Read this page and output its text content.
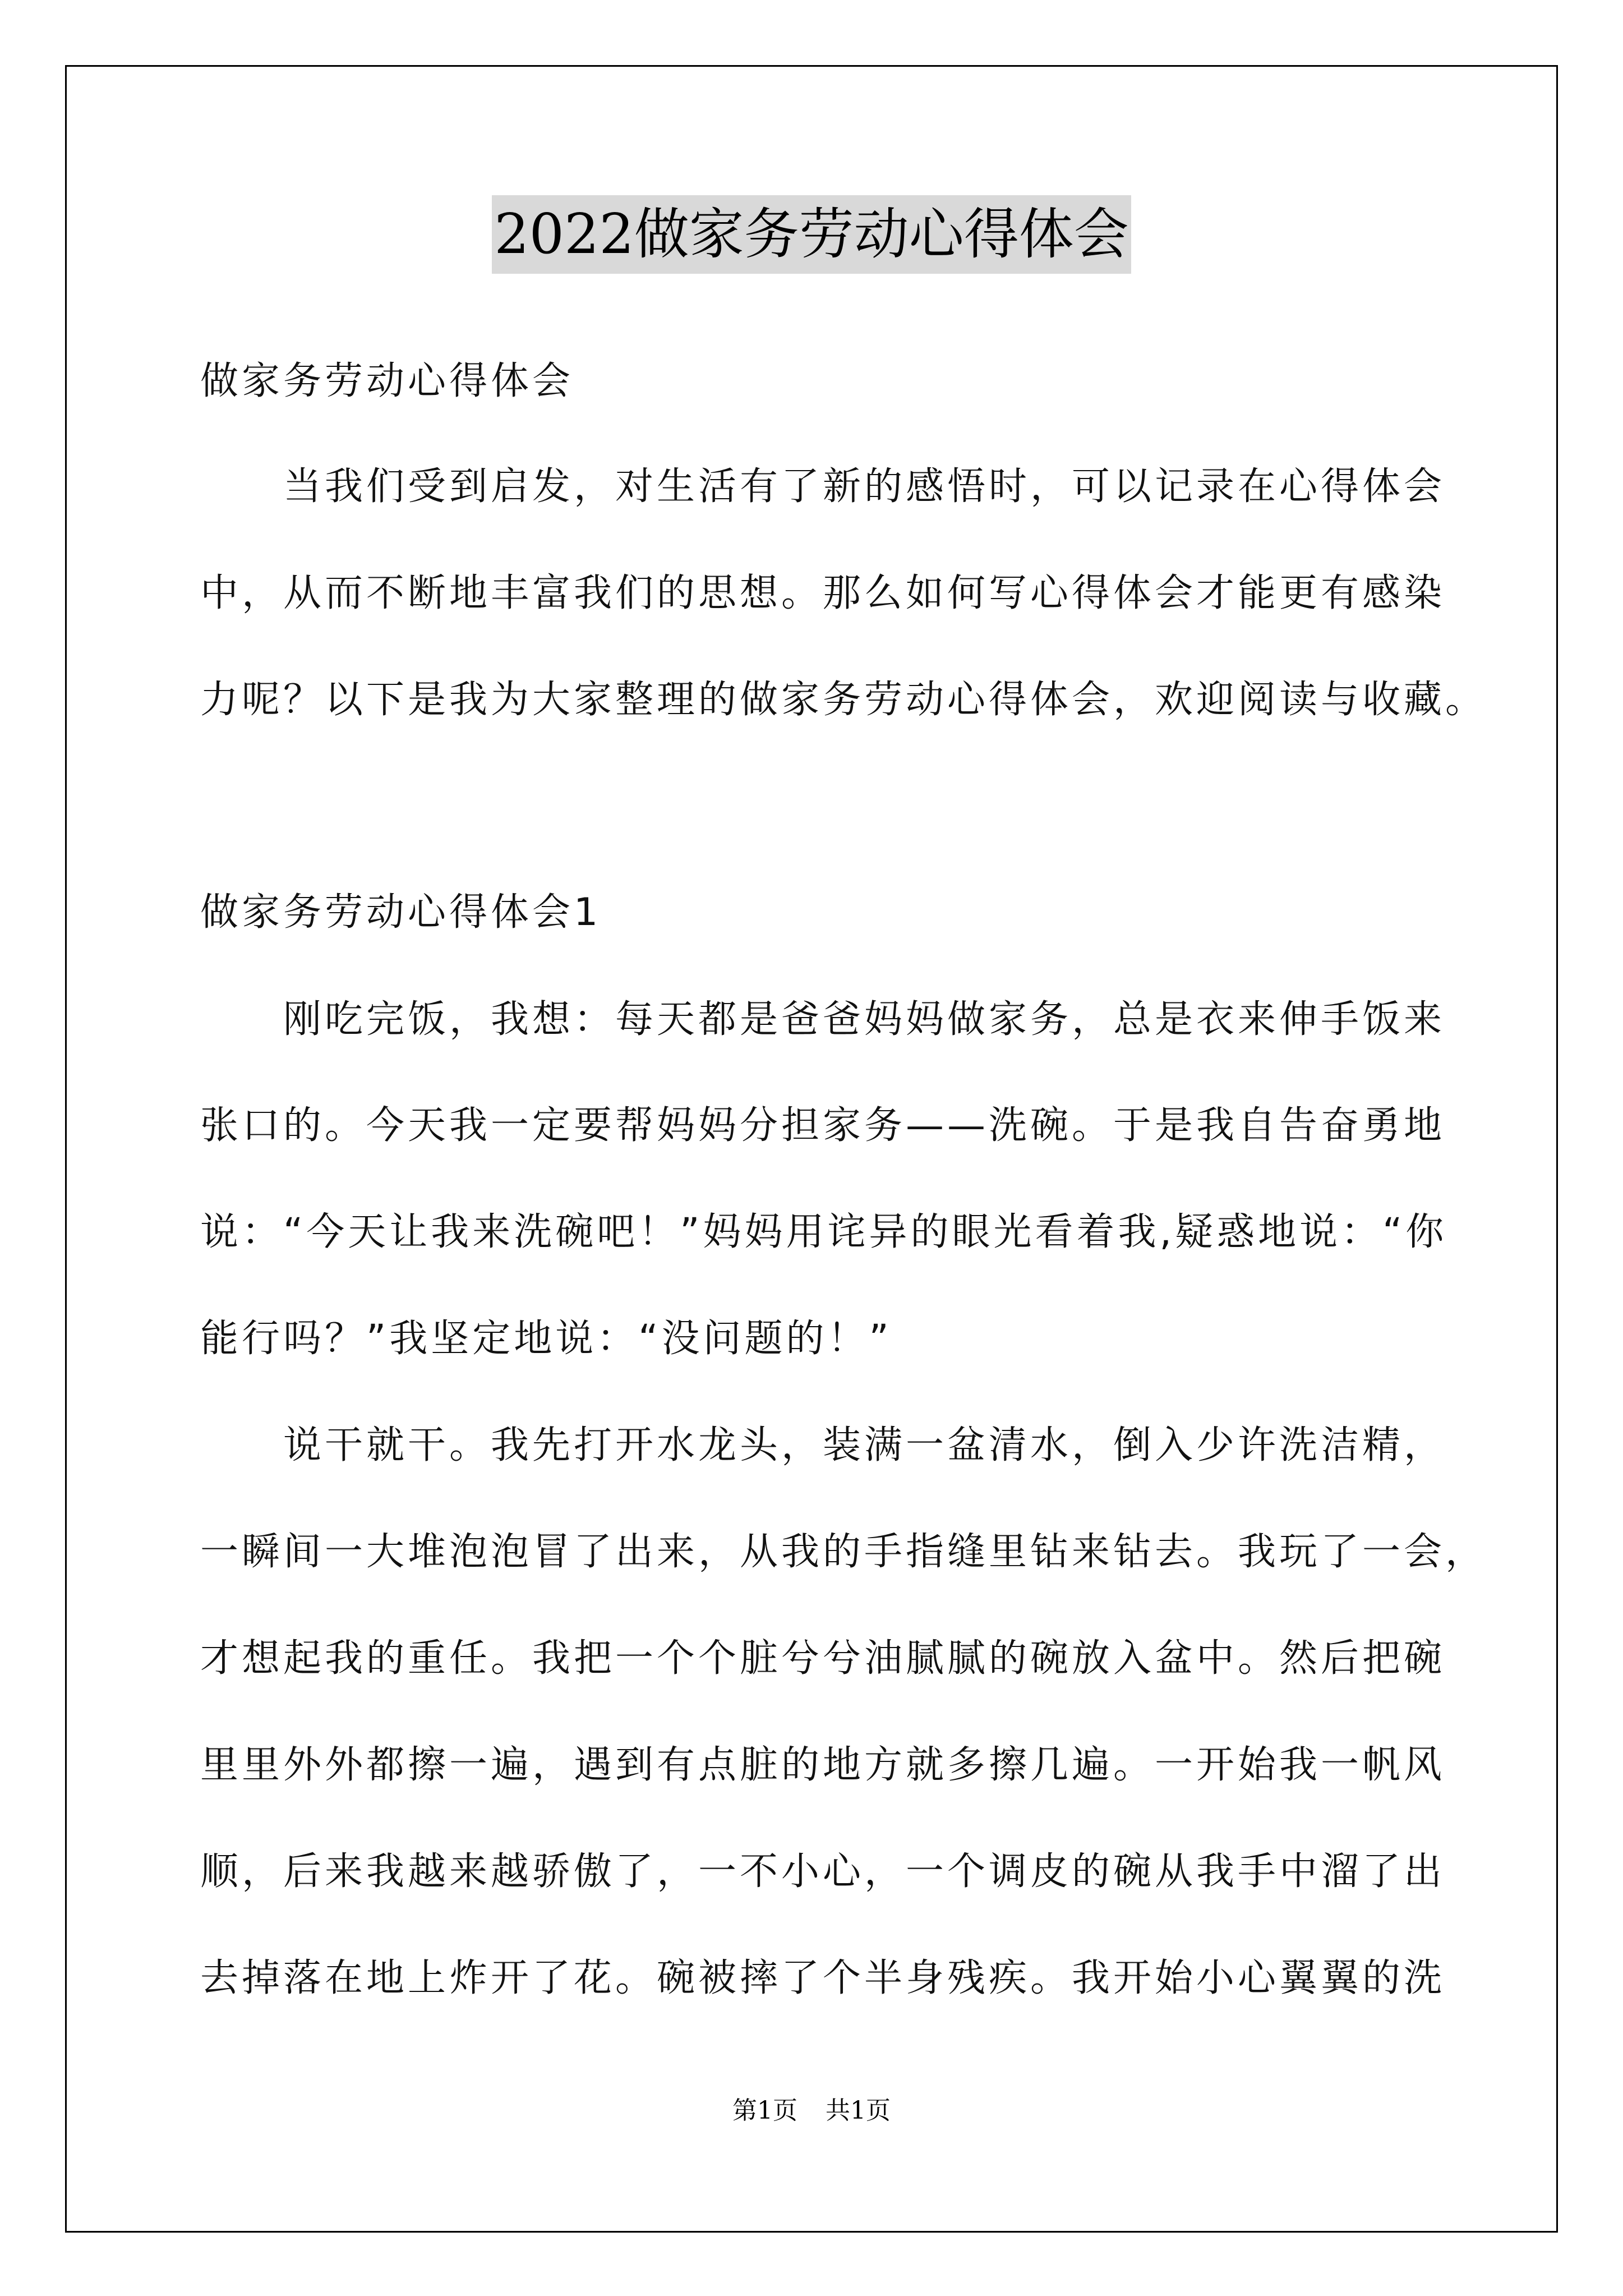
2022做家务劳动心得体会
做家务劳动心得体会
　　当我们受到启发，对生活有了新的感悟时，可以记录在心得体会
中，从而不断地丰富我们的思想。那么如何写心得体会才能更有感染
力呢？以下是我为大家整理的做家务劳动心得体会，欢迎阅读与收藏。
做家务劳动心得体会1
　　刚吃完饭，我想：每天都是爸爸妈妈做家务，总是衣来伸手饭来
张口的。今天我一定要帮妈妈分担家务——洗碗。于是我自告奋勇地
说：“今天让我来洗碗吧！”妈妈用诧异的眼光看着我,疑惑地说：“你
能行吗？”我坚定地说：“没问题的！”
　　说干就干。我先打开水龙头，装满一盆清水，倒入少许洗洁精，
一瞬间一大堆泡泡冒了出来，从我的手指缝里钻来钻去。我玩了一会，
才想起我的重任。我把一个个脏兮兮油腻腻的碗放入盆中。然后把碗
里里外外都擦一遍，遇到有点脏的地方就多擦几遍。一开始我一帆风
顺，后来我越来越骄傲了，一不小心，一个调皮的碗从我手中溜了出
去掉落在地上炸开了花。碗被摔了个半身残疾。我开始小心翼翼的洗
第1页 共1页
